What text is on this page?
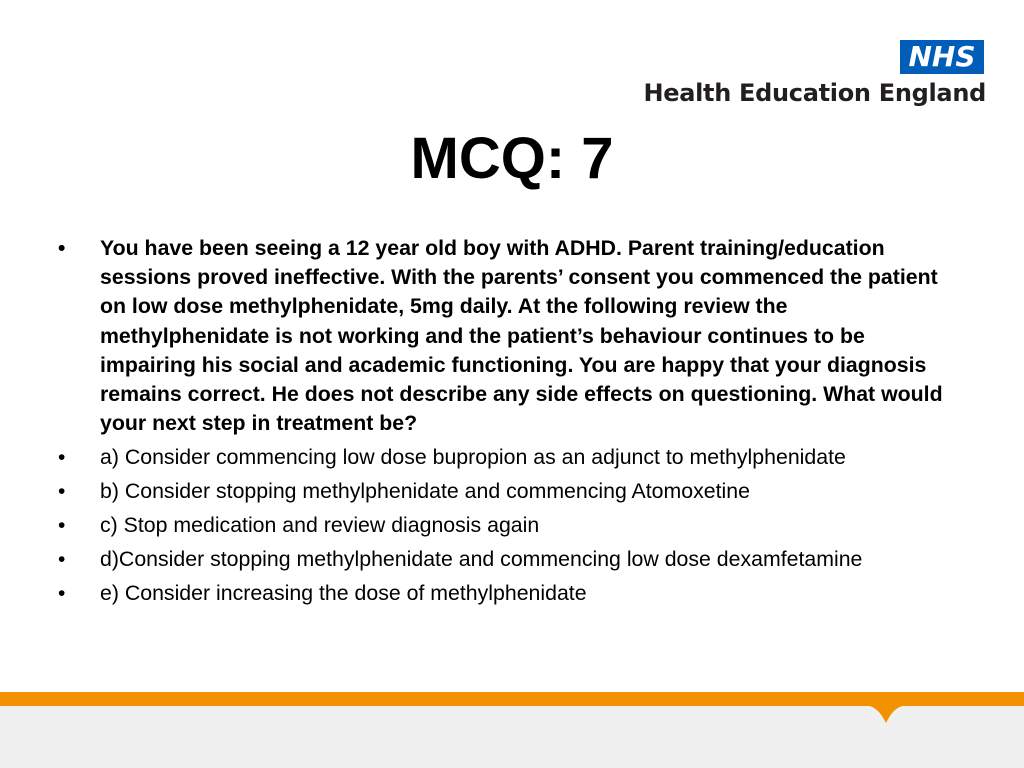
NHS
Health Education England
MCQ: 7
• You have been seeing a 12 year old boy with ADHD. Parent training/education sessions proved ineffective. With the parents’ consent you commenced the patient on low dose methylphenidate, 5mg daily. At the following review the methylphenidate is not working and the patient’s behaviour continues to be impairing his social and academic functioning. You are happy that your diagnosis remains correct. He does not describe any side effects on questioning. What would your next step in treatment be?
• a) Consider commencing low dose bupropion as an adjunct to methylphenidate
• b) Consider stopping methylphenidate and commencing Atomoxetine
• c) Stop medication and review diagnosis again
• d)Consider stopping methylphenidate and commencing low dose dexamfetamine
• e) Consider increasing the dose of methylphenidate
